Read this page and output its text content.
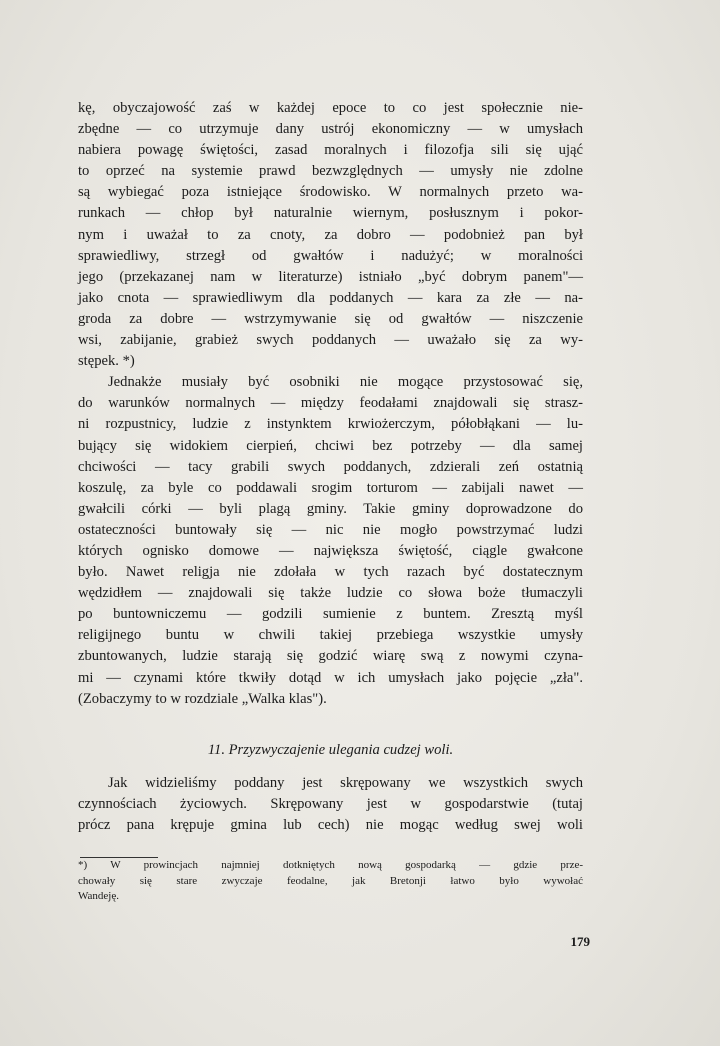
kę, obyczajowość zaś w każdej epoce to co jest społecznie nie-
zbędne — co utrzymuje dany ustrój ekonomiczny — w umysłach
nabiera powagę świętości, zasad moralnych i filozofja sili się ująć
to oprzeć na systemie prawd bezwzględnych — umysły nie zdolne
są wybiegać poza istniejące środowisko. W normalnych przeto wa-
runkach — chłop był naturalnie wiernym, posłusznym i pokor-
nym i uważał to za cnoty, za dobro — podobnież pan był
sprawiedliwy, strzegł od gwałtów i nadużyć; w moralności
jego (przekazanej nam w literaturze) istniało „być dobrym panem"—
jako cnota — sprawiedliwym dla poddanych — kara za złe — na-
groda za dobre — wstrzymywanie się od gwałtów — niszczenie
wsi, zabijanie, grabież swych poddanych — uważało się za wy-
stępek. *)
Jednakże musiały być osobniki nie mogące przystosować się,
do warunków normalnych — między feodałami znajdowali się strasz-
ni rozpustnicy, ludzie z instynktem krwiożerczym, półobłąkani — lu-
bujący się widokiem cierpień, chciwi bez potrzeby — dla samej
chciwości — tacy grabili swych poddanych, zdzierali zeń ostatnią
koszulę, za byle co poddawali srogim torturom — zabijali nawet —
gwałcili córki — byli plagą gminy. Takie gminy doprowadzone do
ostateczności buntowały się — nic nie mogło powstrzymać ludzi
których ognisko domowe — największa świętość, ciągle gwałcone
było. Nawet religja nie zdołała w tych razach być dostatecznym
wędzidłem — znajdowali się także ludzie co słowa boże tłumaczyli
po buntowniczemu — godzili sumienie z buntem. Zresztą myśl
religijnego buntu w chwili takiej przebiega wszystkie umysły
zbuntowanych, ludzie starają się godzić wiarę swą z nowymi czyna-
mi — czynami które tkwiły dotąd w ich umysłach jako pojęcie „zła".
(Zobaczymy to w rozdziale „Walka klas").
11. Przyzwyczajenie ulegania cudzej woli.
Jak widzieliśmy poddany jest skrępowany we wszystkich swych
czynnościach życiowych. Skrępowany jest w gospodarstwie (tutaj
prócz pana krępuje gmina lub cech) nie mogąc według swej woli
*) W prowincjach najmniej dotkniętych nową gospodarką — gdzie prze-
chowały się stare zwyczaje feodalne, jak Bretonji łatwo było wywołać
Wandeję.
179
